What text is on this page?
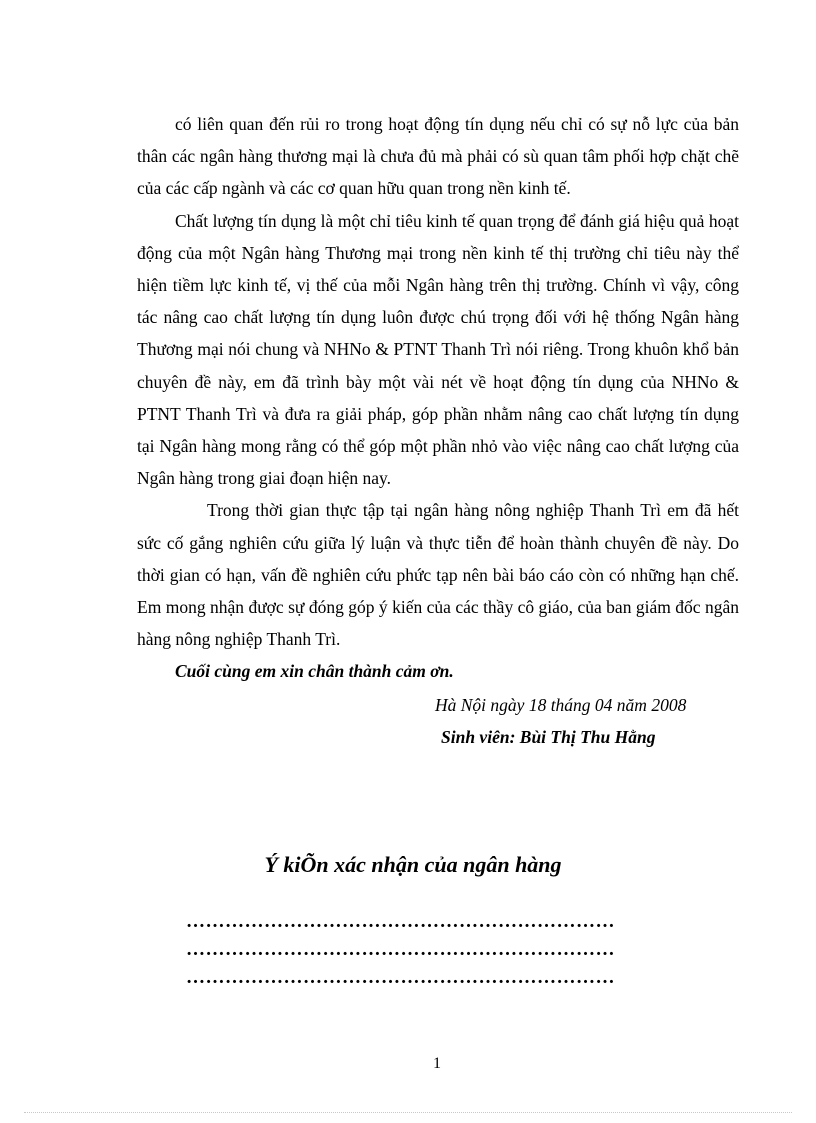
có liên quan đến rủi ro trong hoạt động tín dụng nếu chỉ có sự nỗ lực của bản thân các ngân hàng thương mại là chưa đủ mà phải có sù quan tâm phối hợp chặt chẽ của các cấp ngành và các cơ quan hữu quan trong nền kinh tế.

Chất lượng tín dụng là một chỉ tiêu kinh tế quan trọng để đánh giá hiệu quả hoạt động của một Ngân hàng Thương mại trong nền kinh tế thị trường chỉ tiêu này thể hiện tiềm lực kinh tế, vị thế của mỗi Ngân hàng trên thị trường. Chính vì vậy, công tác nâng cao chất lượng tín dụng luôn được chú trọng đối với hệ thống Ngân hàng Thương mại nói chung và NHNo & PTNT Thanh Trì nói riêng. Trong khuôn khổ bản chuyên đề này, em đã trình bày một vài nét về hoạt động tín dụng của NHNo & PTNT Thanh Trì và đưa ra giải pháp, góp phần nhằm nâng cao chất lượng tín dụng tại Ngân hàng mong rằng có thể góp một phần nhỏ vào việc nâng cao chất lượng của Ngân hàng trong giai đoạn hiện nay.

Trong thời gian thực tập tại ngân hàng nông nghiệp Thanh Trì em đã hết sức cố gắng nghiên cứu giữa lý luận và thực tiễn để hoàn thành chuyên đề này. Do thời gian có hạn, vấn đề nghiên cứu phức tạp nên bài báo cáo còn có những hạn chế. Em mong nhận được sự đóng góp ý kiến của các thầy cô giáo, của ban giám đốc ngân hàng nông nghiệp Thanh Trì.

Cuối cùng em xin chân thành cảm ơn.

Hà Nội ngày 18 tháng 04 năm 2008

Sinh viên: Bùi Thị Thu Hằng

Ý kiÕn xác nhận của ngân hàng
…………………………………………………………
…………………………………………………………
…………………………………………………………
1
